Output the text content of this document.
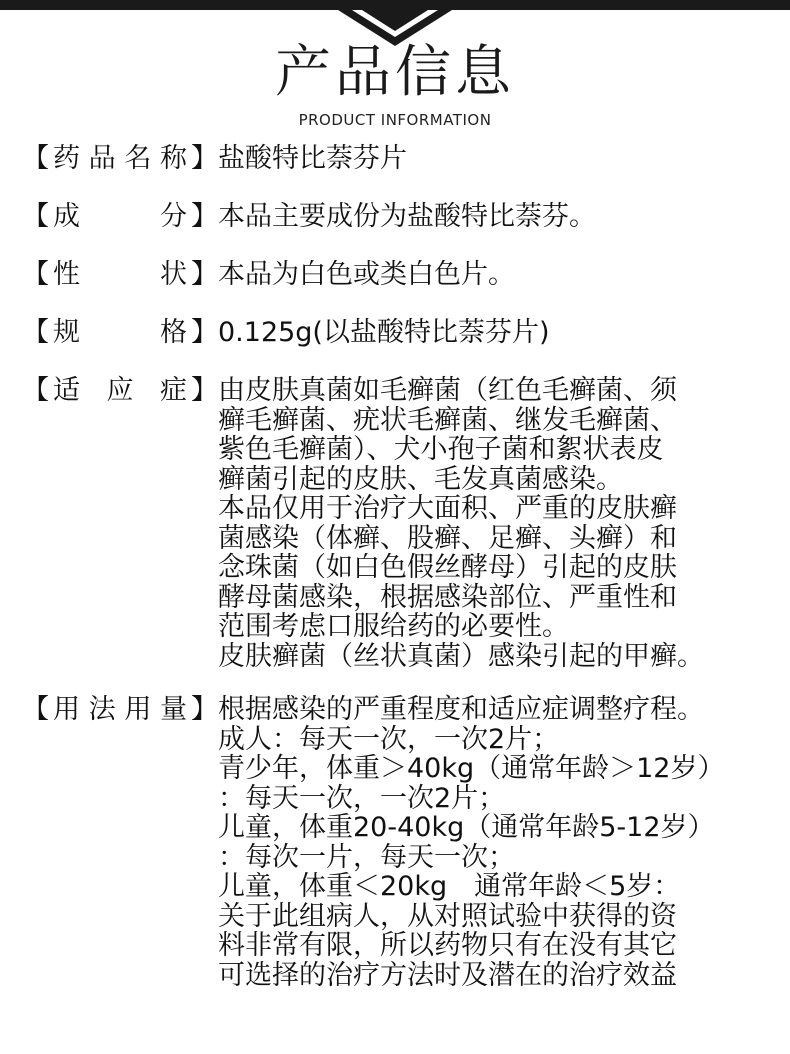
产品信息
PRODUCT INFORMATION
【 药 品 名 称 】 盐酸特比萘芬片
【 成	分 】 本品主要成份为盐酸特比萘芬。
【 性	状 】 本品为白色或类白色片。
【 规	格 】 0.125g(以盐酸特比萘芬片)
【 适 应 症 】 由皮肤真菌如毛癣菌（红色毛癣菌、须
癣毛癣菌、疣状毛癣菌、继发毛癣菌、
紫色毛癣菌）、犬小孢子菌和絮状表皮
癣菌引起的皮肤、毛发真菌感染。
本品仅用于治疗大面积、严重的皮肤癣
菌感染（体癣、股癣、足癣、头癣）和
念珠菌（如白色假丝酵母）引起的皮肤
酵母菌感染，根据感染部位、严重性和
范围考虑口服给药的必要性。
皮肤癣菌（丝状真菌）感染引起的甲癣。
【 用 法 用 量 】 根据感染的严重程度和适应症调整疗程。
成人：每天一次，一次2片；
青少年，体重＞40kg（通常年龄＞12岁）
：每天一次，一次2片；
儿童，体重20-40kg（通常年龄5-12岁）
：每次一片，每天一次；
儿童，体重＜20kg　通常年龄＜5岁：
关于此组病人，从对照试验中获得的资
料非常有限，所以药物只有在没有其它
可选择的治疗方法时及潜在的治疗效益
